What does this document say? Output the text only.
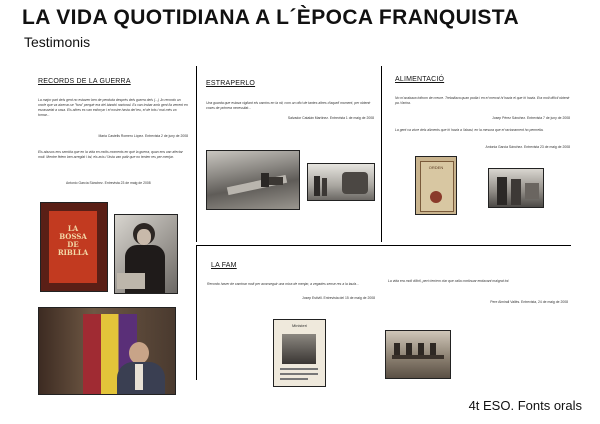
LA VIDA QUOTIDIANA A L´ÈPOCA FRANQUISTA
Testimonis
RECORDS DE LA GUERRA
La major part dels gent no estaven ben de perduda després dels guerra dels (...) Jo recordo un oncle que va aixecar-se "fora" perquè era del bàndol nacional. Es van trobar amb gent lla venent en escassetat a casa. Els altres es van esforçar i el nostre havia del teu, el de tots i mai més va tornar...
Maria Castells Romero López. Entrevista 2 de juny de 2008
Els abusos ens sembla que en la vida en molts moments en què la guerra, quan ens van afectar molt. Mentre fèiem ben arreglat i tal, els avis i l'àvia van patir que no tenien res per menjar.
Antonio García Sánchez. Entrevista 23 de maig de 2008
LA
BOSSA
DE
RIBLLA
ESTRAPERLO
Una guarda que estava vigilant els camins en la nit, com un ofici de tantes altres d'aquell moment, per obtenir coses de primera necessitat...
Salvador Catalán Martínez. Entrevista 1 de maig de 2008
ALIMENTACIÓ
No m'acabava tothom de creure. Treballava quan podia i en el mercat hi havia el que hi havia. Era molt difícil obtenir pa i farina.
Josep Pérez Sánchez. Entrevista 7 de juny de 2008
La gent va viure dels aliments que hi havia a l'abast, en la mesura que el racionament ho permetia.
Antonia Garcia Sánchez. Entrevista 23 de maig de 2008
ORDEN
LA FAM
Recordo haver de caminar molt per aconseguir una mica de menjar, a vegades sense res a la taula...
Josep Estivill. Entrevista del 15 de maig de 2008
La vida era molt difícil, però teníem clar que calia continuar endavant malgrat tot.
Pere Almirall Vallés. Entrevista, 24 de maig de 2008
Ministeri
4t ESO. Fonts orals
